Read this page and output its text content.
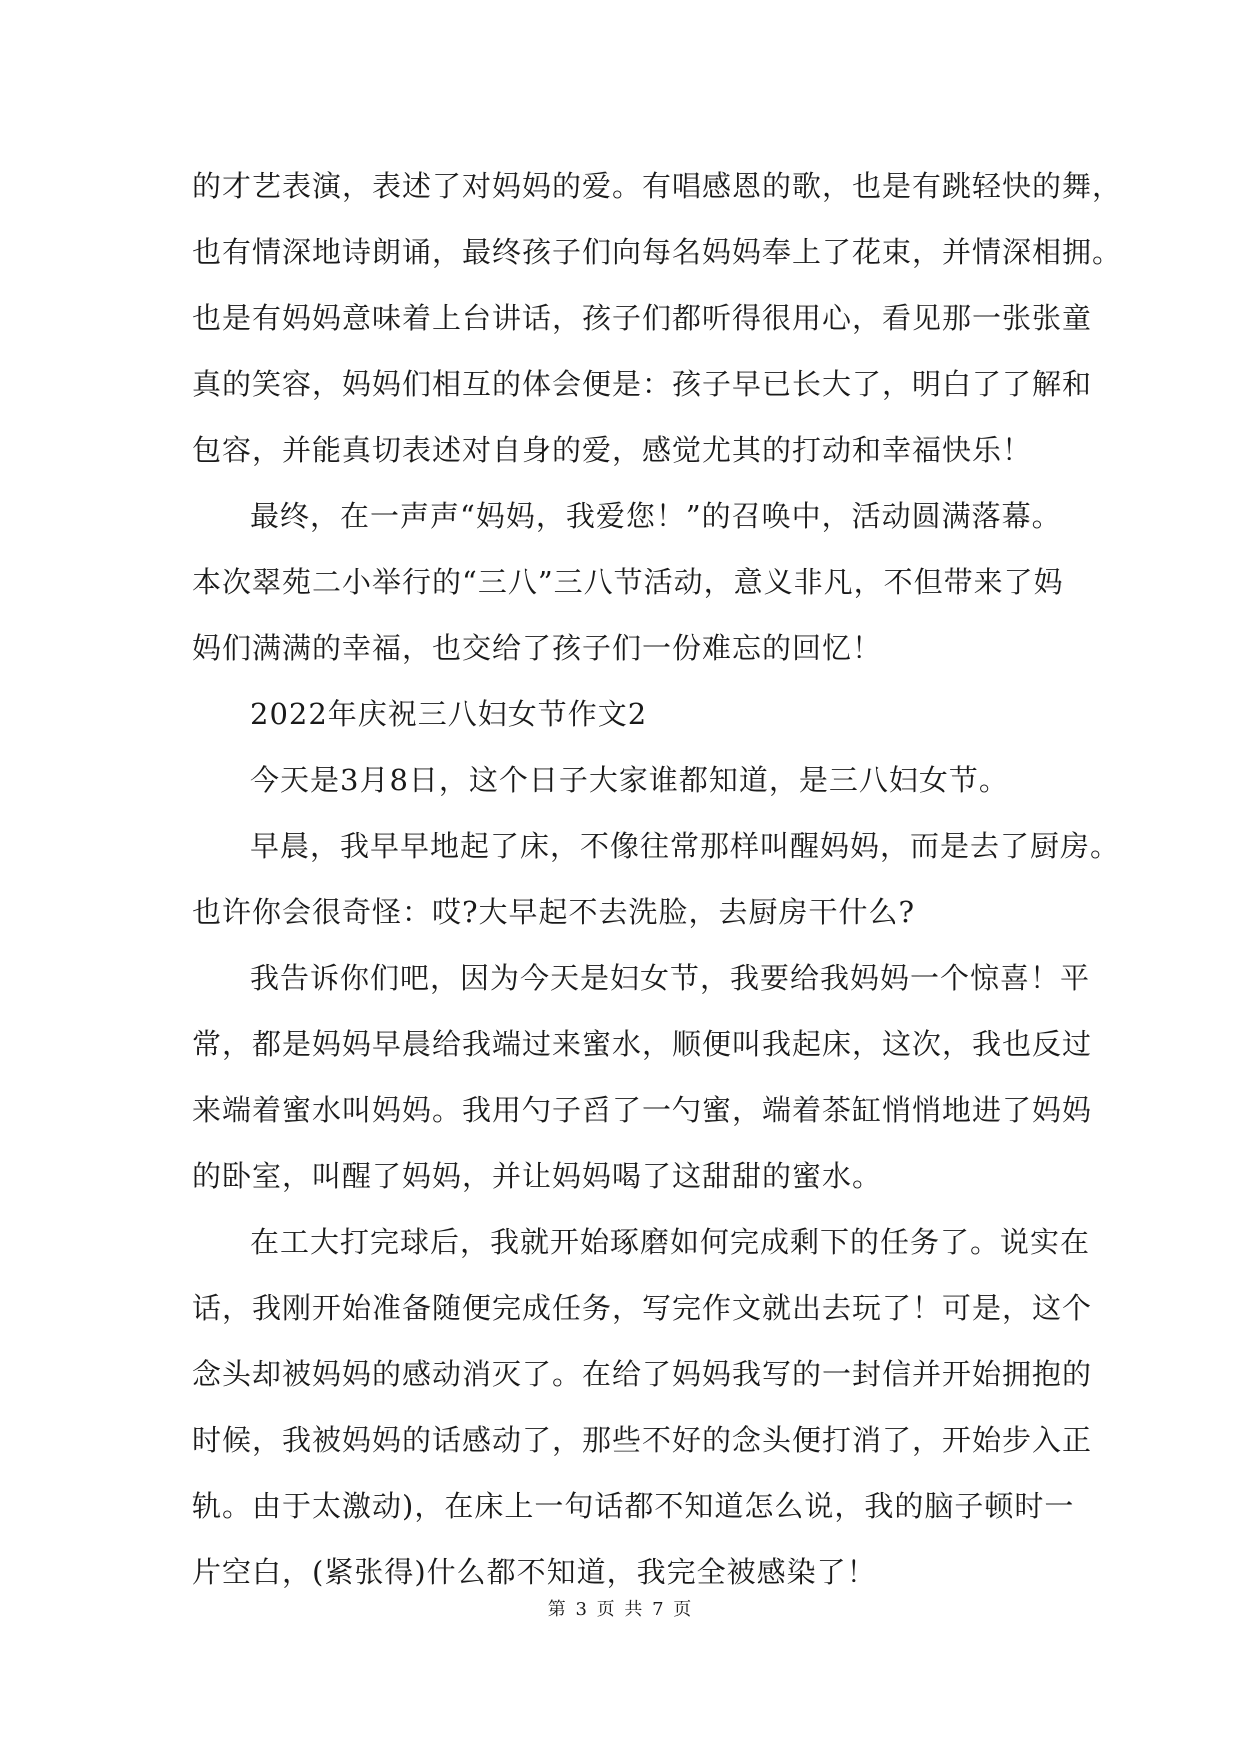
的才艺表演，表述了对妈妈的爱。有唱感恩的歌，也是有跳轻快的舞，
也有情深地诗朗诵，最终孩子们向每名妈妈奉上了花束，并情深相拥。
也是有妈妈意味着上台讲话，孩子们都听得很用心，看见那一张张童
真的笑容，妈妈们相互的体会便是：孩子早已长大了，明白了了解和
包容，并能真切表述对自身的爱，感觉尤其的打动和幸福快乐！
最终，在一声声“妈妈，我爱您！”的召唤中，活动圆满落幕。
本次翠苑二小举行的“三八”三八节活动，意义非凡，不但带来了妈
妈们满满的幸福，也交给了孩子们一份难忘的回忆！
2022年庆祝三八妇女节作文2
今天是3月8日，这个日子大家谁都知道，是三八妇女节。
早晨，我早早地起了床，不像往常那样叫醒妈妈，而是去了厨房。
也许你会很奇怪：哎?大早起不去洗脸，去厨房干什么?
我告诉你们吧，因为今天是妇女节，我要给我妈妈一个惊喜！平
常，都是妈妈早晨给我端过来蜜水，顺便叫我起床，这次，我也反过
来端着蜜水叫妈妈。我用勺子舀了一勺蜜，端着茶缸悄悄地进了妈妈
的卧室，叫醒了妈妈，并让妈妈喝了这甜甜的蜜水。
在工大打完球后，我就开始琢磨如何完成剩下的任务了。说实在
话，我刚开始准备随便完成任务，写完作文就出去玩了！可是，这个
念头却被妈妈的感动消灭了。在给了妈妈我写的一封信并开始拥抱的
时候，我被妈妈的话感动了，那些不好的念头便打消了，开始步入正
轨。由于太激动)，在床上一句话都不知道怎么说，我的脑子顿时一
片空白，(紧张得)什么都不知道，我完全被感染了！
第 3 页 共 7 页
